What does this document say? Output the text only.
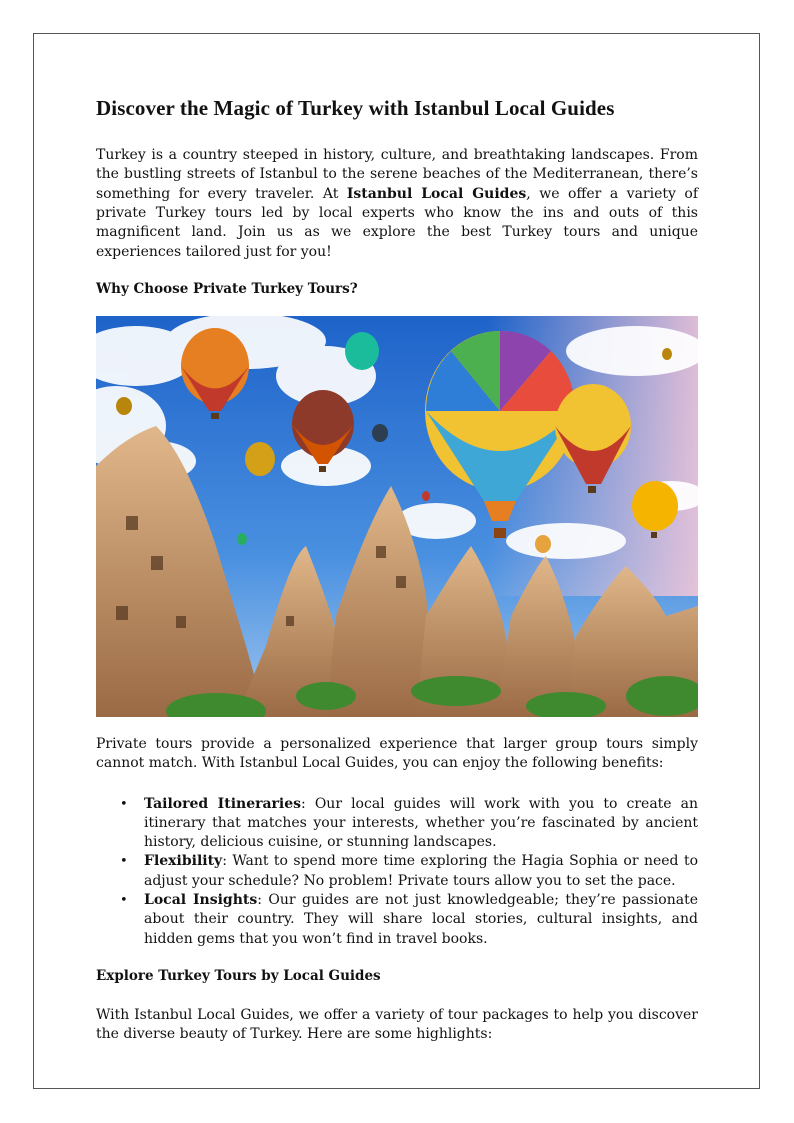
Discover the Magic of Turkey with Istanbul Local Guides

Turkey is a country steeped in history, culture, and breathtaking landscapes. From the bustling streets of Istanbul to the serene beaches of the Mediterranean, there’s something for every traveler. At Istanbul Local Guides, we offer a variety of private Turkey tours led by local experts who know the ins and outs of this magnificent land. Join us as we explore the best Turkey tours and unique experiences tailored just for you!

Why Choose Private Turkey Tours?

Private tours provide a personalized experience that larger group tours simply cannot match. With Istanbul Local Guides, you can enjoy the following benefits:

• Tailored Itineraries: Our local guides will work with you to create an itinerary that matches your interests, whether you’re fascinated by ancient history, delicious cuisine, or stunning landscapes.
• Flexibility: Want to spend more time exploring the Hagia Sophia or need to adjust your schedule? No problem! Private tours allow you to set the pace.
• Local Insights: Our guides are not just knowledgeable; they’re passionate about their country. They will share local stories, cultural insights, and hidden gems that you won’t find in travel books.

Explore Turkey Tours by Local Guides

With Istanbul Local Guides, we offer a variety of tour packages to help you discover the diverse beauty of Turkey. Here are some highlights:
